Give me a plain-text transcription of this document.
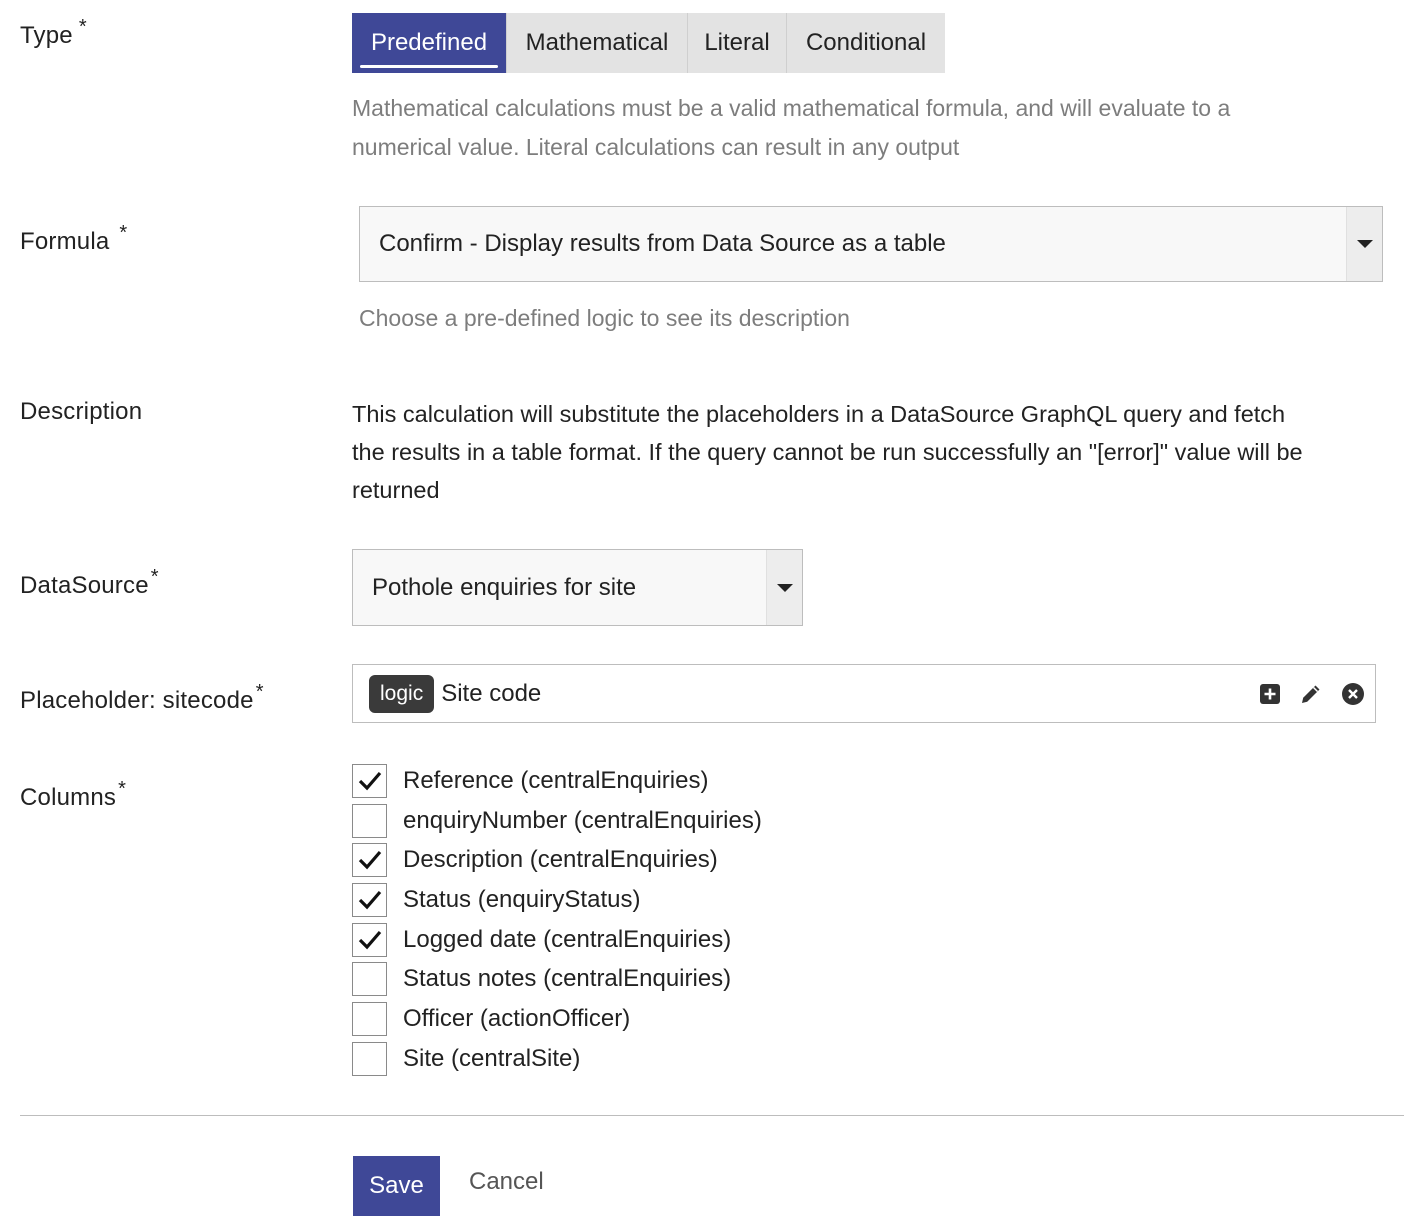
Type *
Predefined Mathematical Literal Conditional
Mathematical calculations must be a valid mathematical formula, and will evaluate to a
numerical value. Literal calculations can result in any output
Formula *	Confirm - Display results from Data Source as a table
Choose a pre-defined logic to see its description
Description	This calculation will substitute the placeholders in a DataSource GraphQL query and fetch
the results in a table format. If the query cannot be run successfully an "[error]" value will be
returned
DataSource *	Pothole enquiries for site
Placeholder: sitecode *	logic Site code
Columns *	Reference (centralEnquiries)
enquiryNumber (centralEnquiries)
Description (centralEnquiries)
Status (enquiryStatus)
Logged date (centralEnquiries)
Status notes (centralEnquiries)
Officer (actionOfficer)
Site (centralSite)
Save	Cancel
